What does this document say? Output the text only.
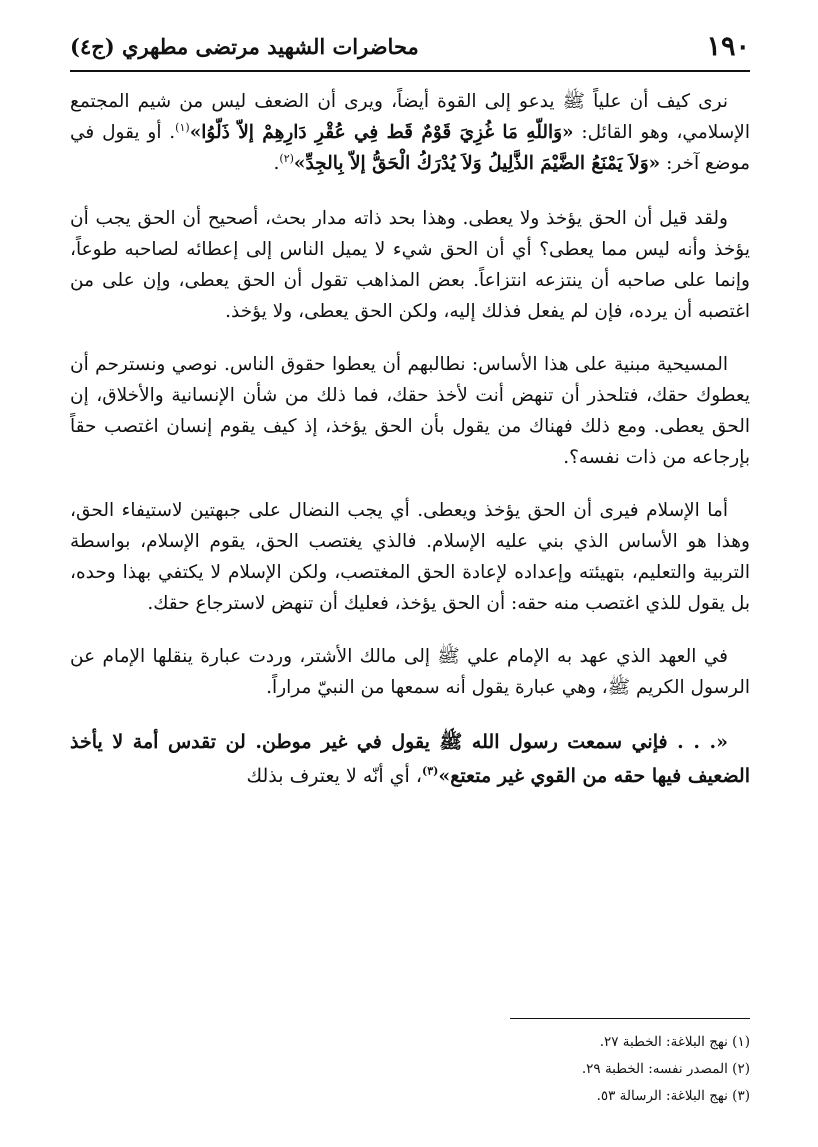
١٩٠
محاضرات الشهيد مرتضى مطهري (ج٤)

نرى كيف أن علياً ﷺ يدعو إلى القوة أيضاً، ويرى أن الضعف ليس من شيم المجتمع الإسلامي، وهو القائل: «وَاللّهِ مَا غُزِيَ قَوْمٌ قَط فِي عُقْرِ دَارِهِمْ إلاّ ذَلّوُا»$^{(١)}$. أو يقول في موضع آخر: «وَلاَ يَمْنَعُ الضَّيْمَ الذَّلِيلُ وَلاَ يُدْرَكُ الْحَقُّ إلاّ بِالجِدِّ»$^{(٢)}$.

ولقد قيل أن الحق يؤخذ ولا يعطى. وهذا بحد ذاته مدار بحث، أصحيح أن الحق يجب أن يؤخذ وأنه ليس مما يعطى؟ أي أن الحق شيء لا يميل الناس إلى إعطائه لصاحبه طوعاً، وإنما على صاحبه أن ينتزعه انتزاعاً. بعض المذاهب تقول أن الحق يعطى، وإن على من اغتصبه أن يرده، فإن لم يفعل فذلك إليه، ولكن الحق يعطى، ولا يؤخذ.

المسيحية مبنية على هذا الأساس: نطالبهم أن يعطوا حقوق الناس. نوصي ونسترحم أن يعطوك حقك، فتلحذر أن تنهض أنت لأخذ حقك، فما ذلك من شأن الإنسانية والأخلاق، إن الحق يعطى. ومع ذلك فهناك من يقول بأن الحق يؤخذ، إذ كيف يقوم إنسان اغتصب حقاً بإرجاعه من ذات نفسه؟.

أما الإسلام فيرى أن الحق يؤخذ ويعطى. أي يجب النضال على جبهتين لاستيفاء الحق، وهذا هو الأساس الذي بني عليه الإسلام. فالذي يغتصب الحق، يقوم الإسلام، بواسطة التربية والتعليم، بتهيئته وإعداده لإعادة الحق المغتصب، ولكن الإسلام لا يكتفي بهذا وحده، بل يقول للذي اغتصب منه حقه: أن الحق يؤخذ، فعليك أن تنهض لاسترجاع حقك.

في العهد الذي عهد به الإمام علي ﷺ إلى مالك الأشتر، وردت عبارة ينقلها الإمام عن الرسول الكريم ﷺ، وهي عبارة يقول أنه سمعها من النبيّ مراراً.

«. . . فإني سمعت رسول الله ﷺ يقول في غير موطن. لن تقدس أمة لا يأخذ الضعيف فيها حقه من القوي غير متعتع»$^{(٣)}$، أي أنّه لا يعترف بذلك

(١) نهج البلاغة: الخطبة ٢٧.

(٢) المصدر نفسه: الخطبة ٢٩.

(٣) نهج البلاغة: الرسالة ٥٣.
